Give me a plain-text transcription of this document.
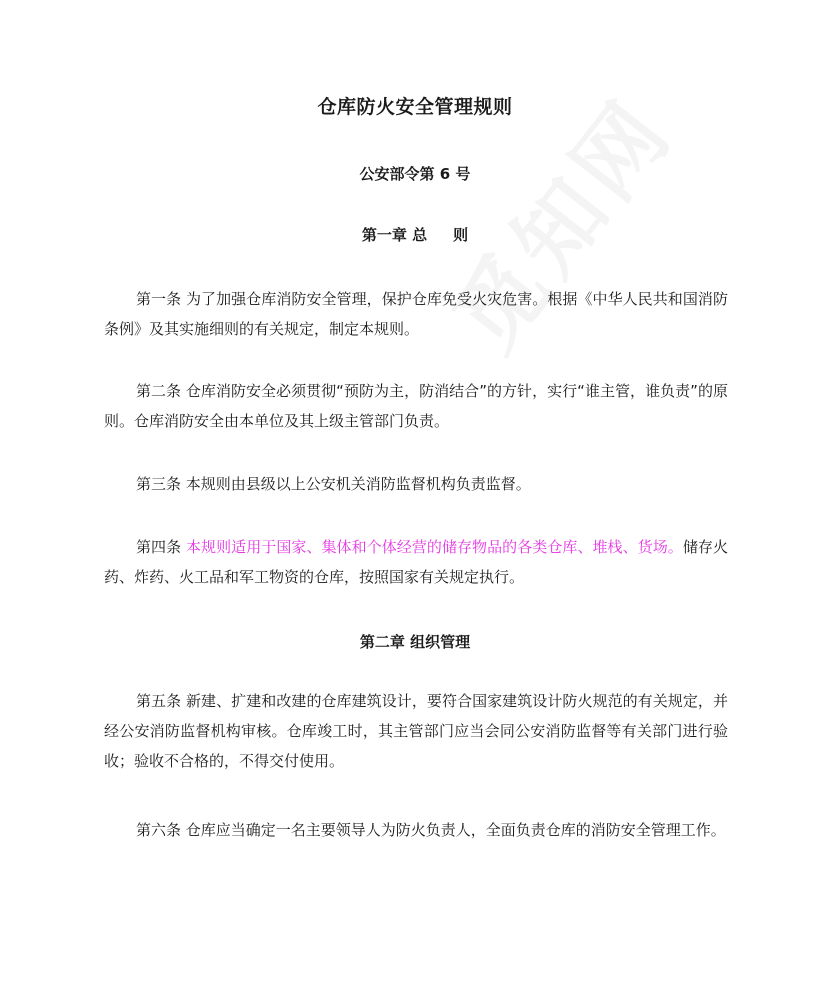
仓库防火安全管理规则
公安部令第 6 号
第一章 总 则
第一条 为了加强仓库消防安全管理，保护仓库免受火灾危害。根据《中华人民共和国消防条例》及其实施细则的有关规定，制定本规则。
第二条 仓库消防安全必须贯彻“预防为主，防消结合”的方针，实行“谁主管，谁负责”的原则。仓库消防安全由本单位及其上级主管部门负责。
第三条 本规则由县级以上公安机关消防监督机构负责监督。
第四条 本规则适用于国家、集体和个体经营的储存物品的各类仓库、堆栈、货场。储存火药、炸药、火工品和军工物资的仓库，按照国家有关规定执行。
第二章 组织管理
第五条 新建、扩建和改建的仓库建筑设计，要符合国家建筑设计防火规范的有关规定，并经公安消防监督机构审核。仓库竣工时，其主管部门应当会同公安消防监督等有关部门进行验收；验收不合格的，不得交付使用。
第六条 仓库应当确定一名主要领导人为防火负责人，全面负责仓库的消防安全管理工作。
